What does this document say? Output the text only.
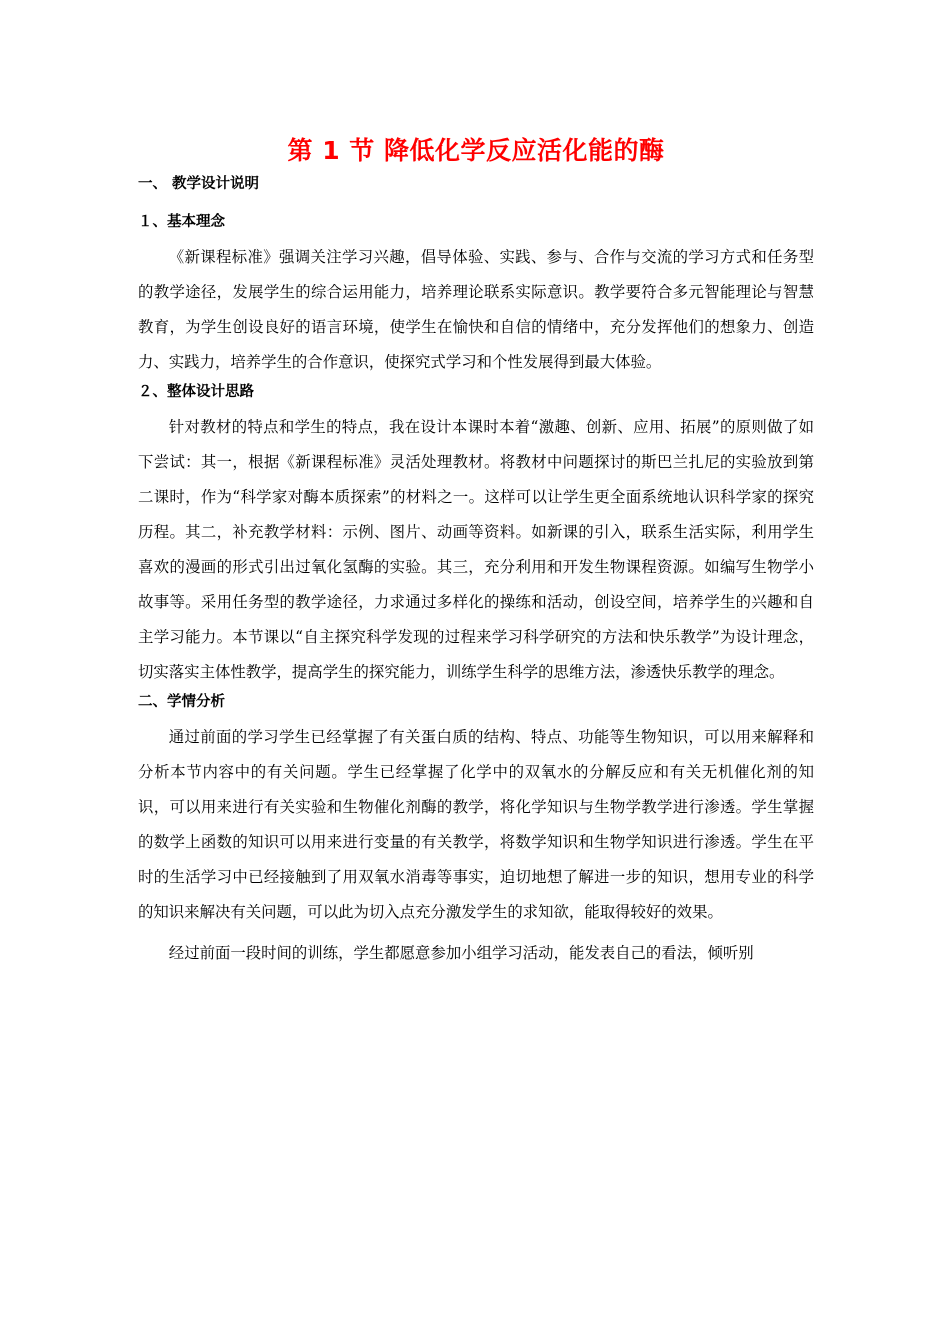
第 1 节 降低化学反应活化能的酶

一、 教学设计说明

１、基本理念

《新课程标准》强调关注学习兴趣，倡导体验、实践、参与、合作与交流的学习方式和任务型的教学途径，发展学生的综合运用能力，培养理论联系实际意识。教学要符合多元智能理论与智慧教育，为学生创设良好的语言环境，使学生在愉快和自信的情绪中，充分发挥他们的想象力、创造力、实践力，培养学生的合作意识，使探究式学习和个性发展得到最大体验。

２、整体设计思路

针对教材的特点和学生的特点，我在设计本课时本着“激趣、创新、应用、拓展”的原则做了如下尝试：其一，根据《新课程标准》灵活处理教材。将教材中问题探讨的斯巴兰扎尼的实验放到第二课时，作为“科学家对酶本质探索”的材料之一。这样可以让学生更全面系统地认识科学家的探究历程。其二，补充教学材料：示例、图片、动画等资料。如新课的引入，联系生活实际，利用学生喜欢的漫画的形式引出过氧化氢酶的实验。其三，充分利用和开发生物课程资源。如编写生物学小故事等。采用任务型的教学途径，力求通过多样化的操练和活动，创设空间，培养学生的兴趣和自主学习能力。本节课以“自主探究科学发现的过程来学习科学研究的方法和快乐教学”为设计理念，切实落实主体性教学，提高学生的探究能力，训练学生科学的思维方法，渗透快乐教学的理念。

二、学情分析

通过前面的学习学生已经掌握了有关蛋白质的结构、特点、功能等生物知识，可以用来解释和分析本节内容中的有关问题。学生已经掌握了化学中的双氧水的分解反应和有关无机催化剂的知识，可以用来进行有关实验和生物催化剂酶的教学，将化学知识与生物学教学进行渗透。学生掌握的数学上函数的知识可以用来进行变量的有关教学，将数学知识和生物学知识进行渗透。学生在平时的生活学习中已经接触到了用双氧水消毒等事实，迫切地想了解进一步的知识，想用专业的科学的知识来解决有关问题，可以此为切入点充分激发学生的求知欲，能取得较好的效果。

经过前面一段时间的训练，学生都愿意参加小组学习活动，能发表自己的看法，倾听别
